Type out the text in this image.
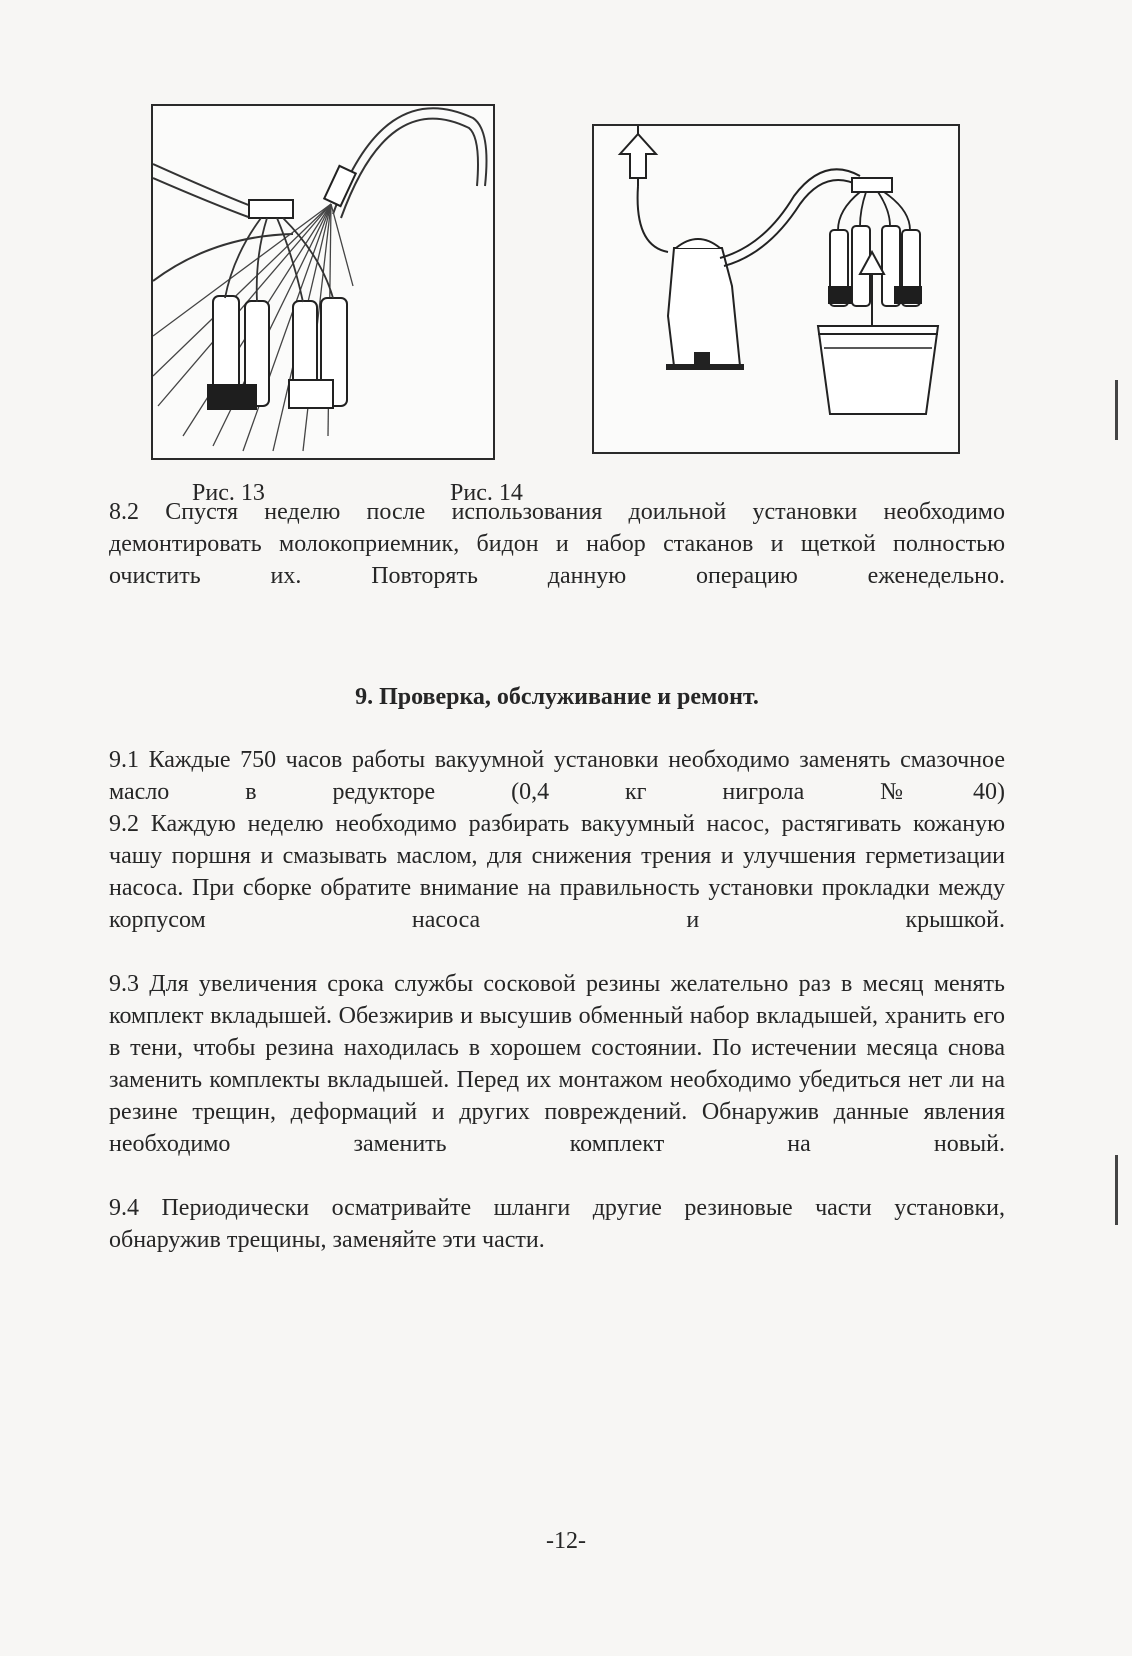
Рис. 13	Рис. 14

8.2 Спустя неделю после использования доильной установки необходимо демонтировать молокоприемник, бидон и набор стаканов и щеткой полностью очистить их. Повторять данную операцию еженедельно.

9. Проверка, обслуживание и ремонт.

9.1 Каждые 750 часов работы вакуумной установки необходимо заменять смазочное масло в редукторе (0,4 кг нигрола №40)

9.2 Каждую неделю необходимо разбирать вакуумный насос, растягивать кожаную чашу поршня и смазывать маслом, для снижения трения и улучшения герметизации насоса. При сборке обратите внимание на правильность установки прокладки между корпусом насоса и крышкой.

9.3 Для увеличения срока службы сосковой резины желательно раз в месяц менять комплект вкладышей. Обезжирив и высушив обменный набор вкладышей, хранить его в тени, чтобы резина находилась в хорошем состоянии. По истечении месяца снова заменить комплекты вкладышей. Перед их монтажом необходимо убедиться нет ли на резине трещин, деформаций и других повреждений. Обнаружив данные явления необходимо заменить комплект на новый.

9.4 Периодически осматривайте шланги другие резиновые части установки, обнаружив трещины, заменяйте эти части.

-12-
